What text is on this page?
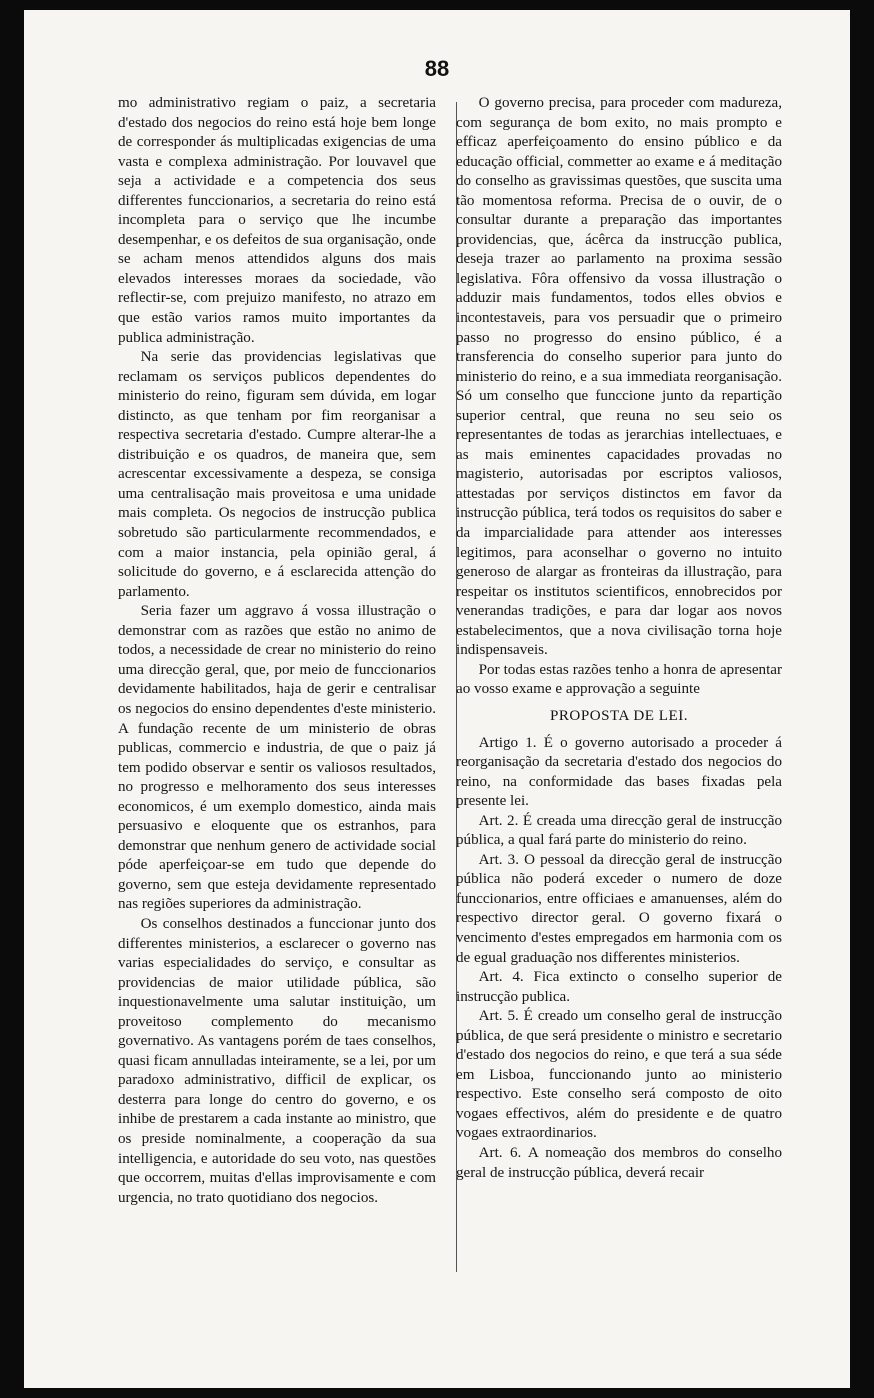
88

mo administrativo regiam o paiz, a secretaria d'estado dos negocios do reino está hoje bem longe de corresponder ás multiplicadas exigencias de uma vasta e complexa administração. Por louvavel que seja a actividade e a competencia dos seus differentes funccionarios, a secretaria do reino está incompleta para o serviço que lhe incumbe desempenhar, e os defeitos de sua organisação, onde se acham menos attendidos alguns dos mais elevados interesses moraes da sociedade, vão reflectir-se, com prejuizo manifesto, no atrazo em que estão varios ramos muito importantes da publica administração.

Na serie das providencias legislativas que reclamam os serviços publicos dependentes do ministerio do reino, figuram sem dúvida, em logar distincto, as que tenham por fim reorganisar a respectiva secretaria d'estado. Cumpre alterar-lhe a distribuição e os quadros, de maneira que, sem acrescentar excessivamente a despeza, se consiga uma centralisação mais proveitosa e uma unidade mais completa. Os negocios de instrucção publica sobretudo são particularmente recommendados, e com a maior instancia, pela opinião geral, á solicitude do governo, e á esclarecida attenção do parlamento.

Seria fazer um aggravo á vossa illustração o demonstrar com as razões que estão no animo de todos, a necessidade de crear no ministerio do reino uma direcção geral, que, por meio de funccionarios devidamente habilitados, haja de gerir e centralisar os negocios do ensino dependentes d'este ministerio. A fundação recente de um ministerio de obras publicas, commercio e industria, de que o paiz já tem podido observar e sentir os valiosos resultados, no progresso e melhoramento dos seus interesses economicos, é um exemplo domestico, ainda mais persuasivo e eloquente que os estranhos, para demonstrar que nenhum genero de actividade social póde aperfeiçoar-se em tudo que depende do governo, sem que esteja devidamente representado nas regiões superiores da administração.

Os conselhos destinados a funccionar junto dos differentes ministerios, a esclarecer o governo nas varias especialidades do serviço, e consultar as providencias de maior utilidade pública, são inquestionavelmente uma salutar instituição, um proveitoso complemento do mecanismo governativo. As vantagens porém de taes conselhos, quasi ficam annulladas inteiramente, se a lei, por um paradoxo administrativo, difficil de explicar, os desterra para longe do centro do governo, e os inhibe de prestarem a cada instante ao ministro, que os preside nominalmente, a cooperação da sua intelligencia, e autoridade do seu voto, nas questões que occorrem, muitas d'ellas improvisamente e com urgencia, no trato quotidiano dos negocios.

O governo precisa, para proceder com madureza, com segurança de bom exito, no mais prompto e efficaz aperfeiçoamento do ensino público e da educação official, commetter ao exame e á meditação do conselho as gravissimas questões, que suscita uma tão momentosa reforma. Precisa de o ouvir, de o consultar durante a preparação das importantes providencias, que, ácêrca da instrucção publica, deseja trazer ao parlamento na proxima sessão legislativa. Fôra offensivo da vossa illustração o adduzir mais fundamentos, todos elles obvios e incontestaveis, para vos persuadir que o primeiro passo no progresso do ensino público, é a transferencia do conselho superior para junto do ministerio do reino, e a sua immediata reorganisação. Só um conselho que funccione junto da repartição superior central, que reuna no seu seio os representantes de todas as jerarchias intellectuaes, e as mais eminentes capacidades provadas no magisterio, autorisadas por escriptos valiosos, attestadas por serviços distinctos em favor da instrucção pública, terá todos os requisitos do saber e da imparcialidade para attender aos interesses legitimos, para aconselhar o governo no intuito generoso de alargar as fronteiras da illustração, para respeitar os institutos scientificos, ennobrecidos por venerandas tradições, e para dar logar aos novos estabelecimentos, que a nova civilisação torna hoje indispensaveis.

Por todas estas razões tenho a honra de apresentar ao vosso exame e approvação a seguinte

PROPOSTA DE LEI.

Artigo 1. É o governo autorisado a proceder á reorganisação da secretaria d'estado dos negocios do reino, na conformidade das bases fixadas pela presente lei.

Art. 2. É creada uma direcção geral de instrucção pública, a qual fará parte do ministerio do reino.

Art. 3. O pessoal da direcção geral de instrucção pública não poderá exceder o numero de doze funccionarios, entre officiaes e amanuenses, além do respectivo director geral. O governo fixará o vencimento d'estes empregados em harmonia com os de egual graduação nos differentes ministerios.

Art. 4. Fica extincto o conselho superior de instrucção publica.

Art. 5. É creado um conselho geral de instrucção pública, de que será presidente o ministro e secretario d'estado dos negocios do reino, e que terá a sua séde em Lisboa, funccionando junto ao ministerio respectivo. Este conselho será composto de oito vogaes effectivos, além do presidente e de quatro vogaes extraordinarios.

Art. 6. A nomeação dos membros do conselho geral de instrucção pública, deverá recair
